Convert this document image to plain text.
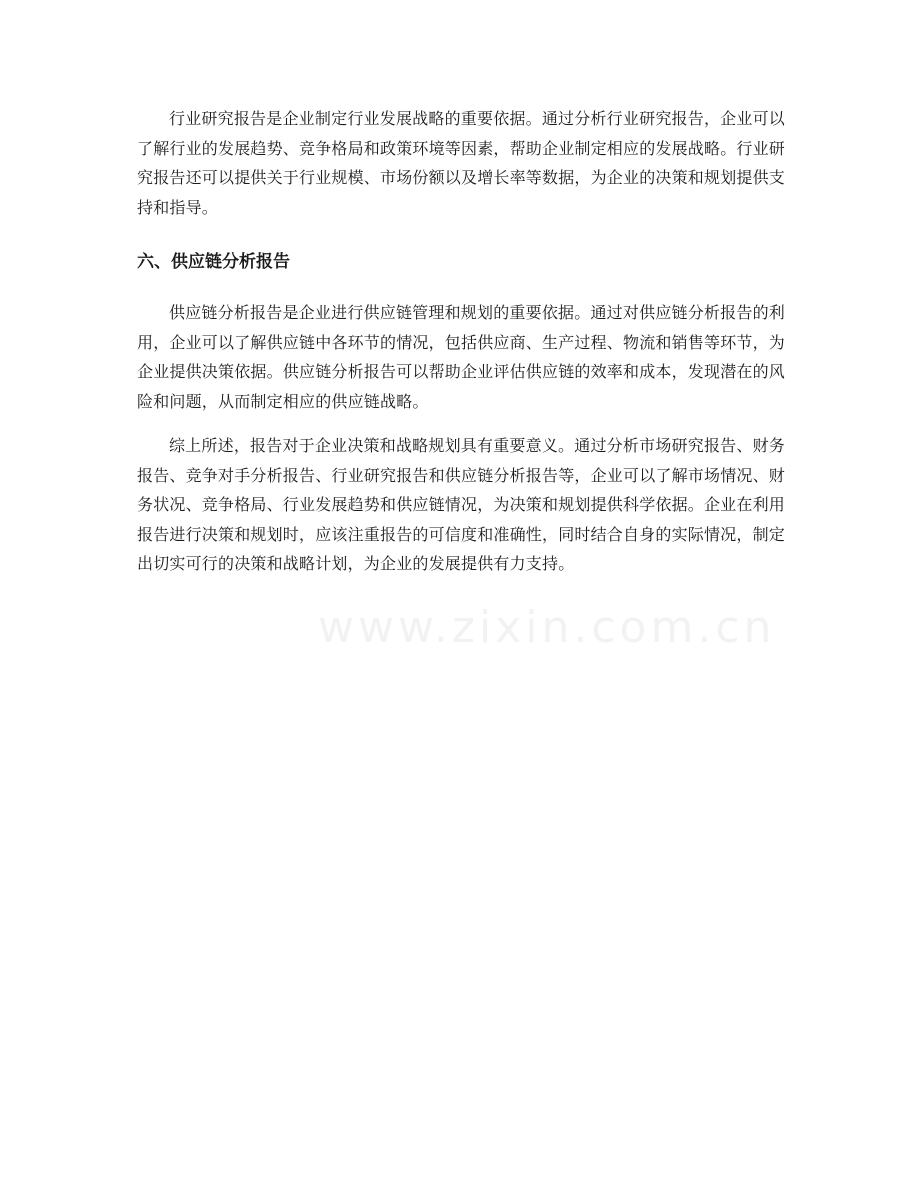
行业研究报告是企业制定行业发展战略的重要依据。通过分析行业研究报告，企业可以了解行业的发展趋势、竞争格局和政策环境等因素，帮助企业制定相应的发展战略。行业研究报告还可以提供关于行业规模、市场份额以及增长率等数据，为企业的决策和规划提供支持和指导。

六、供应链分析报告

供应链分析报告是企业进行供应链管理和规划的重要依据。通过对供应链分析报告的利用，企业可以了解供应链中各环节的情况，包括供应商、生产过程、物流和销售等环节，为企业提供决策依据。供应链分析报告可以帮助企业评估供应链的效率和成本，发现潜在的风险和问题，从而制定相应的供应链战略。

综上所述，报告对于企业决策和战略规划具有重要意义。通过分析市场研究报告、财务报告、竞争对手分析报告、行业研究报告和供应链分析报告等，企业可以了解市场情况、财务状况、竞争格局、行业发展趋势和供应链情况，为决策和规划提供科学依据。企业在利用报告进行决策和规划时，应该注重报告的可信度和准确性，同时结合自身的实际情况，制定出切实可行的决策和战略计划，为企业的发展提供有力支持。

www.zixin.com.cn
